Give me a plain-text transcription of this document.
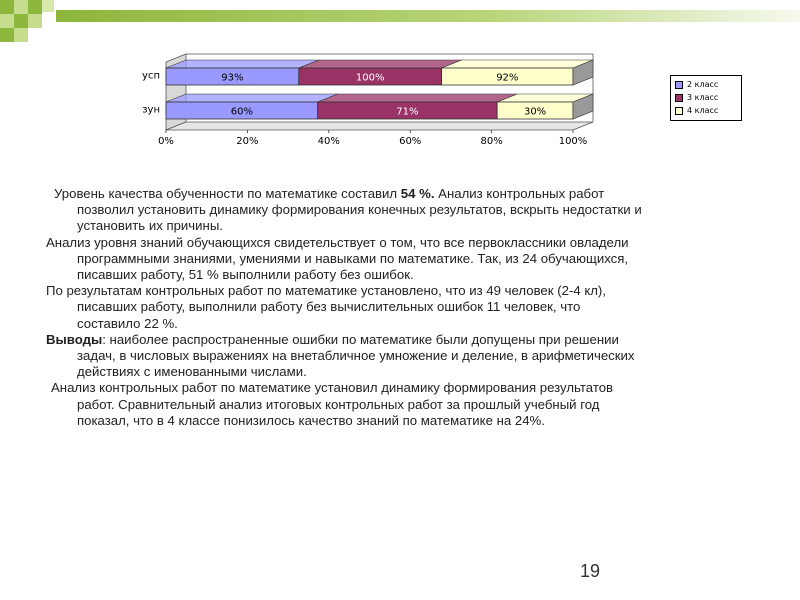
93%	100%	92%
усп
60%	71%	30%
зун
0%	20%	40%	60%	80%	100%
2 класс
3 класс
4 класс

Уровень качества обученности по математике составил 54 %. Анализ контрольных работ
позволил установить динамику формирования конечных результатов, вскрыть недостатки и
установить их причины.

Анализ уровня знаний обучающихся свидетельствует о том, что все первоклассники овладели
программными знаниями, умениями и навыками по математике. Так, из 24 обучающихся,
писавших работу, 51 % выполнили работу без ошибок.

По результатам контрольных работ по математике установлено, что из 49 человек (2-4 кл),
писавших работу, выполнили работу без вычислительных ошибок 11 человек, что
составило 22 %.

Выводы: наиболее распространенные ошибки по математике были допущены при решении
задач, в числовых выражениях на внетабличное умножение и деление, в арифметических
действиях с именованными числами.

Анализ контрольных работ по математике установил динамику формирования результатов
работ. Сравнительный анализ итоговых контрольных работ за прошлый учебный год
показал, что в 4 классе понизилось качество знаний по математике на 24%.

19
